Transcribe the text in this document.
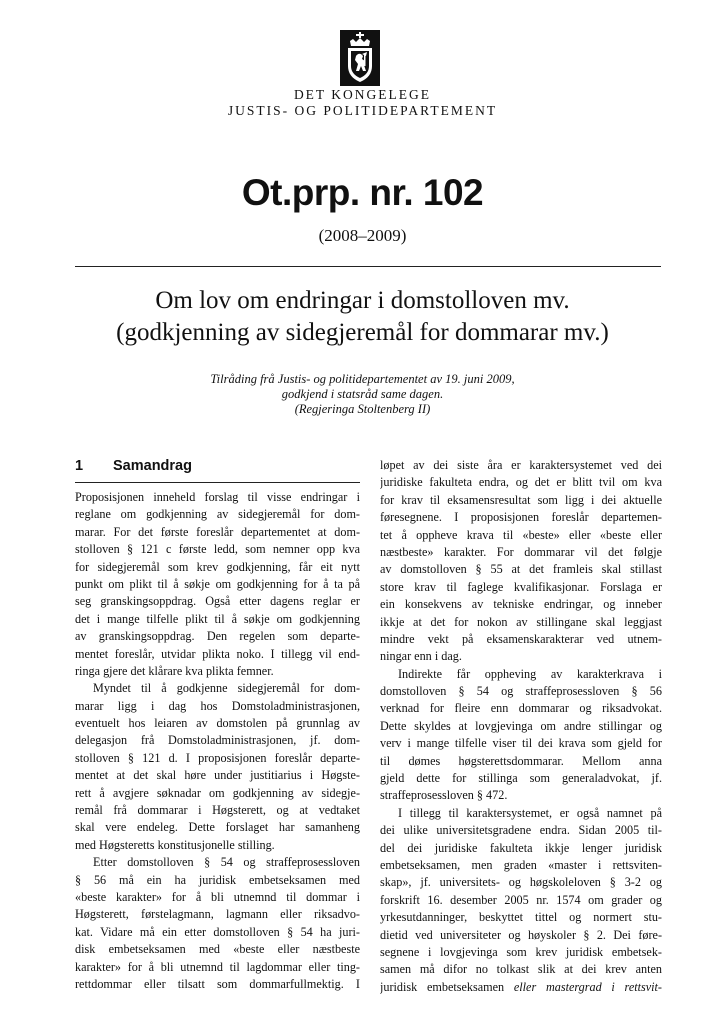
DET KONGELEGE
JUSTIS- OG POLITIDEPARTEMENT
Ot.prp. nr. 102
(2008–2009)
Om lov om endringar i domstolloven mv.
(godkjenning av sidegjeremål for dommarar mv.)
Tilråding frå Justis- og politidepartementet av 19. juni 2009,
godkjend i statsråd same dagen.
(Regjeringa Stoltenberg II)
1 Samandrag
Proposisjonen inneheld forslag til visse endringar i
reglane om godkjenning av sidegjeremål for dom-
marar. For det første foreslår departementet at dom-
stolloven § 121 c første ledd, som nemner opp kva
for sidegjeremål som krev godkjenning, får eit nytt
punkt om plikt til å søkje om godkjenning for å ta på
seg granskingsoppdrag. Også etter dagens reglar er
det i mange tilfelle plikt til å søkje om godkjenning
av granskingsoppdrag. Den regelen som departe-
mentet foreslår, utvidar plikta noko. I tillegg vil end-
ringa gjere det klårare kva plikta femner.
Myndet til å godkjenne sidegjeremål for dom-
marar ligg i dag hos Domstoladministrasjonen,
eventuelt hos leiaren av domstolen på grunnlag av
delegasjon frå Domstoladministrasjonen, jf. dom-
stolloven § 121 d. I proposisjonen foreslår departe-
mentet at det skal høre under justitiarius i Høgste-
rett å avgjere søknadar om godkjenning av sidegje-
remål frå dommarar i Høgsterett, og at vedtaket
skal vere endeleg. Dette forslaget har samanheng
med Høgsteretts konstitusjonelle stilling.
Etter domstolloven § 54 og straffeprosessloven
§ 56 må ein ha juridisk embetseksamen med
«beste karakter» for å bli utnemnd til dommar i
Høgsterett, førstelagmann, lagmann eller riksadvo-
kat. Vidare må ein etter domstolloven § 54 ha juri-
disk embetseksamen med «beste eller næstbeste
karakter» for å bli utnemnd til lagdommar eller ting-
rettdommar eller tilsatt som dommarfullmektig. I
løpet av dei siste åra er karaktersystemet ved dei
juridiske fakulteta endra, og det er blitt tvil om kva
for krav til eksamensresultat som ligg i dei aktuelle
føresegnene. I proposisjonen foreslår departemen-
tet å oppheve krava til «beste» eller «beste eller
næstbeste» karakter. For dommarar vil det følgje
av domstolloven § 55 at det framleis skal stillast
store krav til faglege kvalifikasjonar. Forslaga er
ein konsekvens av tekniske endringar, og inneber
ikkje at det for nokon av stillingane skal leggjast
mindre vekt på eksamenskarakterar ved utnem-
ningar enn i dag.
Indirekte får oppheving av karakterkrava i
domstolloven § 54 og straffeprosessloven § 56
verknad for fleire enn dommarar og riksadvokat.
Dette skyldes at lovgjevinga om andre stillingar og
verv i mange tilfelle viser til dei krava som gjeld for
til dømes høgsterettsdommarar. Mellom anna
gjeld dette for stillinga som generaladvokat, jf.
straffeprosessloven § 472.
I tillegg til karaktersystemet, er også namnet på
dei ulike universitetsgradene endra. Sidan 2005 til-
del dei juridiske fakulteta ikkje lenger juridisk
embetseksamen, men graden «master i rettsviten-
skap», jf. universitets- og høgskoleloven § 3-2 og
forskrift 16. desember 2005 nr. 1574 om grader og
yrkesutdanninger, beskyttet tittel og normert stu-
dietid ved universiteter og høyskoler § 2. Dei føre-
segnene i lovgjevinga som krev juridisk embetsek-
samen må difor no tolkast slik at dei krev anten
juridisk embetseksamen eller mastergrad i rettsvit-
